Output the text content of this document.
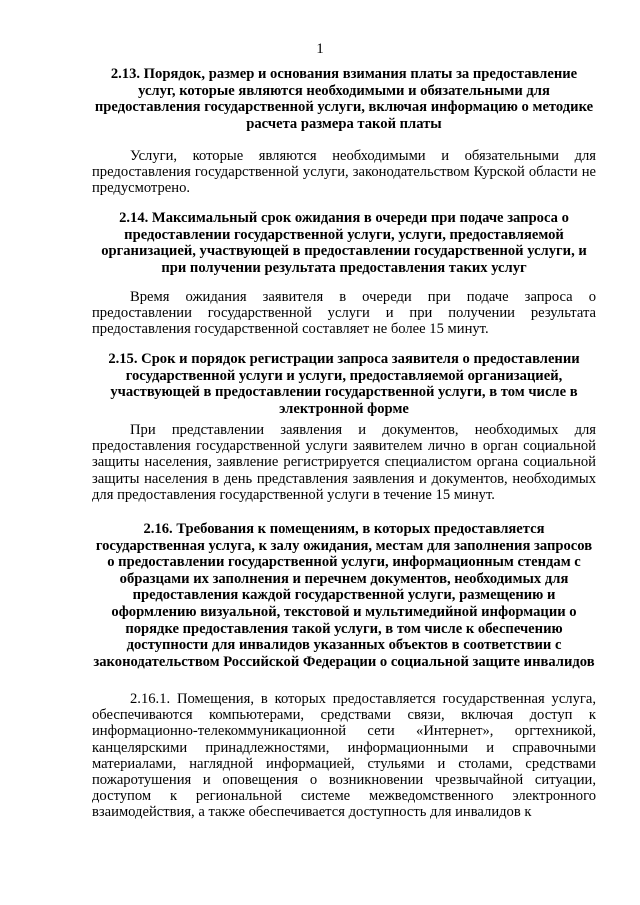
1
2.13. Порядок, размер и основания взимания платы за предоставление услуг, которые являются необходимыми и обязательными для предоставления государственной услуги, включая информацию о методике расчета размера такой платы
Услуги, которые являются необходимыми и обязательными для предоставления государственной услуги, законодательством Курской области не предусмотрено.
2.14. Максимальный срок ожидания в очереди при подаче запроса о предоставлении государственной услуги, услуги, предоставляемой организацией, участвующей в предоставлении государственной услуги, и при получении результата предоставления таких услуг
Время ожидания заявителя в очереди при подаче запроса о предоставлении государственной услуги и при получении результата предоставления государственной составляет не более 15 минут.
2.15. Срок и порядок регистрации запроса заявителя о предоставлении государственной услуги и услуги, предоставляемой организацией, участвующей в предоставлении государственной услуги, в том числе в электронной форме
При представлении заявления и документов, необходимых для предоставления государственной услуги заявителем лично в орган социальной защиты населения, заявление регистрируется специалистом органа социальной защиты населения в день представления заявления и документов, необходимых для предоставления государственной услуги в течение 15 минут.
2.16. Требования к помещениям, в которых предоставляется государственная услуга, к залу ожидания, местам для заполнения запросов о предоставлении государственной услуги, информационным стендам с образцами их заполнения и перечнем документов, необходимых для предоставления каждой государственной услуги, размещению и оформлению визуальной, текстовой и мультимедийной информации о порядке предоставления такой услуги, в том числе к обеспечению доступности для инвалидов указанных объектов в соответствии с законодательством Российской Федерации о социальной защите инвалидов
2.16.1. Помещения, в которых предоставляется государственная услуга, обеспечиваются компьютерами, средствами связи, включая доступ к информационно-телекоммуникационной сети «Интернет», оргтехникой, канцелярскими принадлежностями, информационными и справочными материалами, наглядной информацией, стульями и столами, средствами пожаротушения и оповещения о возникновении чрезвычайной ситуации, доступом к региональной системе межведомственного электронного взаимодействия, а также обеспечивается доступность для инвалидов к
